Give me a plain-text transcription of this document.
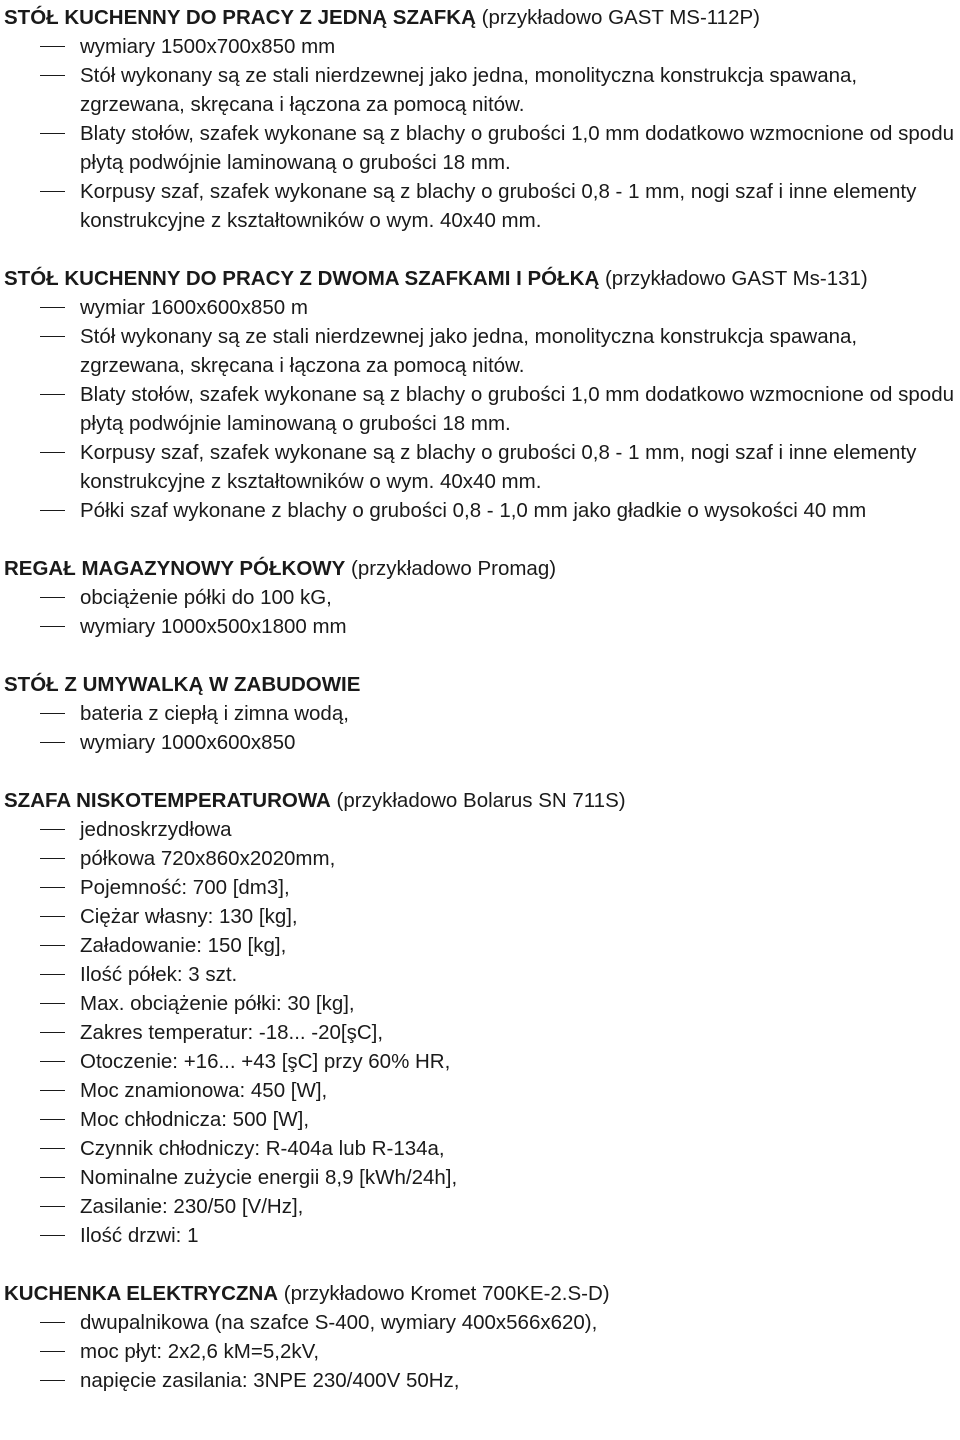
STÓŁ KUCHENNY DO PRACY Z JEDNĄ SZAFKĄ (przykładowo GAST MS-112P)

wymiary 1500x700x850 mm
Stół wykonany są ze stali nierdzewnej jako jedna, monolityczna konstrukcja spawana, zgrzewana, skręcana i łączona za pomocą nitów.
Blaty stołów, szafek wykonane są z blachy o grubości 1,0 mm dodatkowo wzmocnione od spodu płytą podwójnie laminowaną o grubości 18 mm.
Korpusy szaf, szafek wykonane są z blachy o grubości 0,8 - 1 mm, nogi szaf i inne elementy konstrukcyjne z kształtowników o wym. 40x40 mm.

STÓŁ KUCHENNY DO PRACY Z DWOMA SZAFKAMI I PÓŁKĄ (przykładowo GAST Ms-131)

wymiar 1600x600x850 m
Stół wykonany są ze stali nierdzewnej jako jedna, monolityczna konstrukcja spawana, zgrzewana, skręcana i łączona za pomocą nitów.
Blaty stołów, szafek wykonane są z blachy o grubości 1,0 mm dodatkowo wzmocnione od spodu płytą podwójnie laminowaną o grubości 18 mm.
Korpusy szaf, szafek wykonane są z blachy o grubości 0,8 - 1 mm, nogi szaf i inne elementy konstrukcyjne z kształtowników o wym. 40x40 mm.
Półki szaf wykonane z blachy o grubości 0,8 - 1,0 mm jako gładkie o wysokości 40 mm

REGAŁ MAGAZYNOWY PÓŁKOWY (przykładowo Promag)

obciążenie półki do 100 kG,
wymiary 1000x500x1800 mm

STÓŁ Z UMYWALKĄ W ZABUDOWIE

bateria z ciepłą i zimna wodą,
wymiary 1000x600x850

SZAFA NISKOTEMPERATUROWA (przykładowo Bolarus SN 711S)

jednoskrzydłowa
półkowa 720x860x2020mm,
Pojemność: 700 [dm3],
Ciężar własny: 130 [kg],
Załadowanie: 150 [kg],
Ilość półek: 3 szt.
Max. obciążenie półki: 30 [kg],
Zakres temperatur: -18... -20[şC],
Otoczenie: +16... +43 [şC] przy 60% HR,
Moc znamionowa: 450 [W],
Moc chłodnicza: 500 [W],
Czynnik chłodniczy: R-404a lub R-134a,
Nominalne zużycie energii 8,9 [kWh/24h],
Zasilanie: 230/50 [V/Hz],
Ilość drzwi: 1

KUCHENKA ELEKTRYCZNA (przykładowo Kromet 700KE-2.S-D)

dwupalnikowa (na szafce S-400, wymiary 400x566x620),
moc płyt: 2x2,6 kM=5,2kV,
napięcie zasilania: 3NPE 230/400V 50Hz,
